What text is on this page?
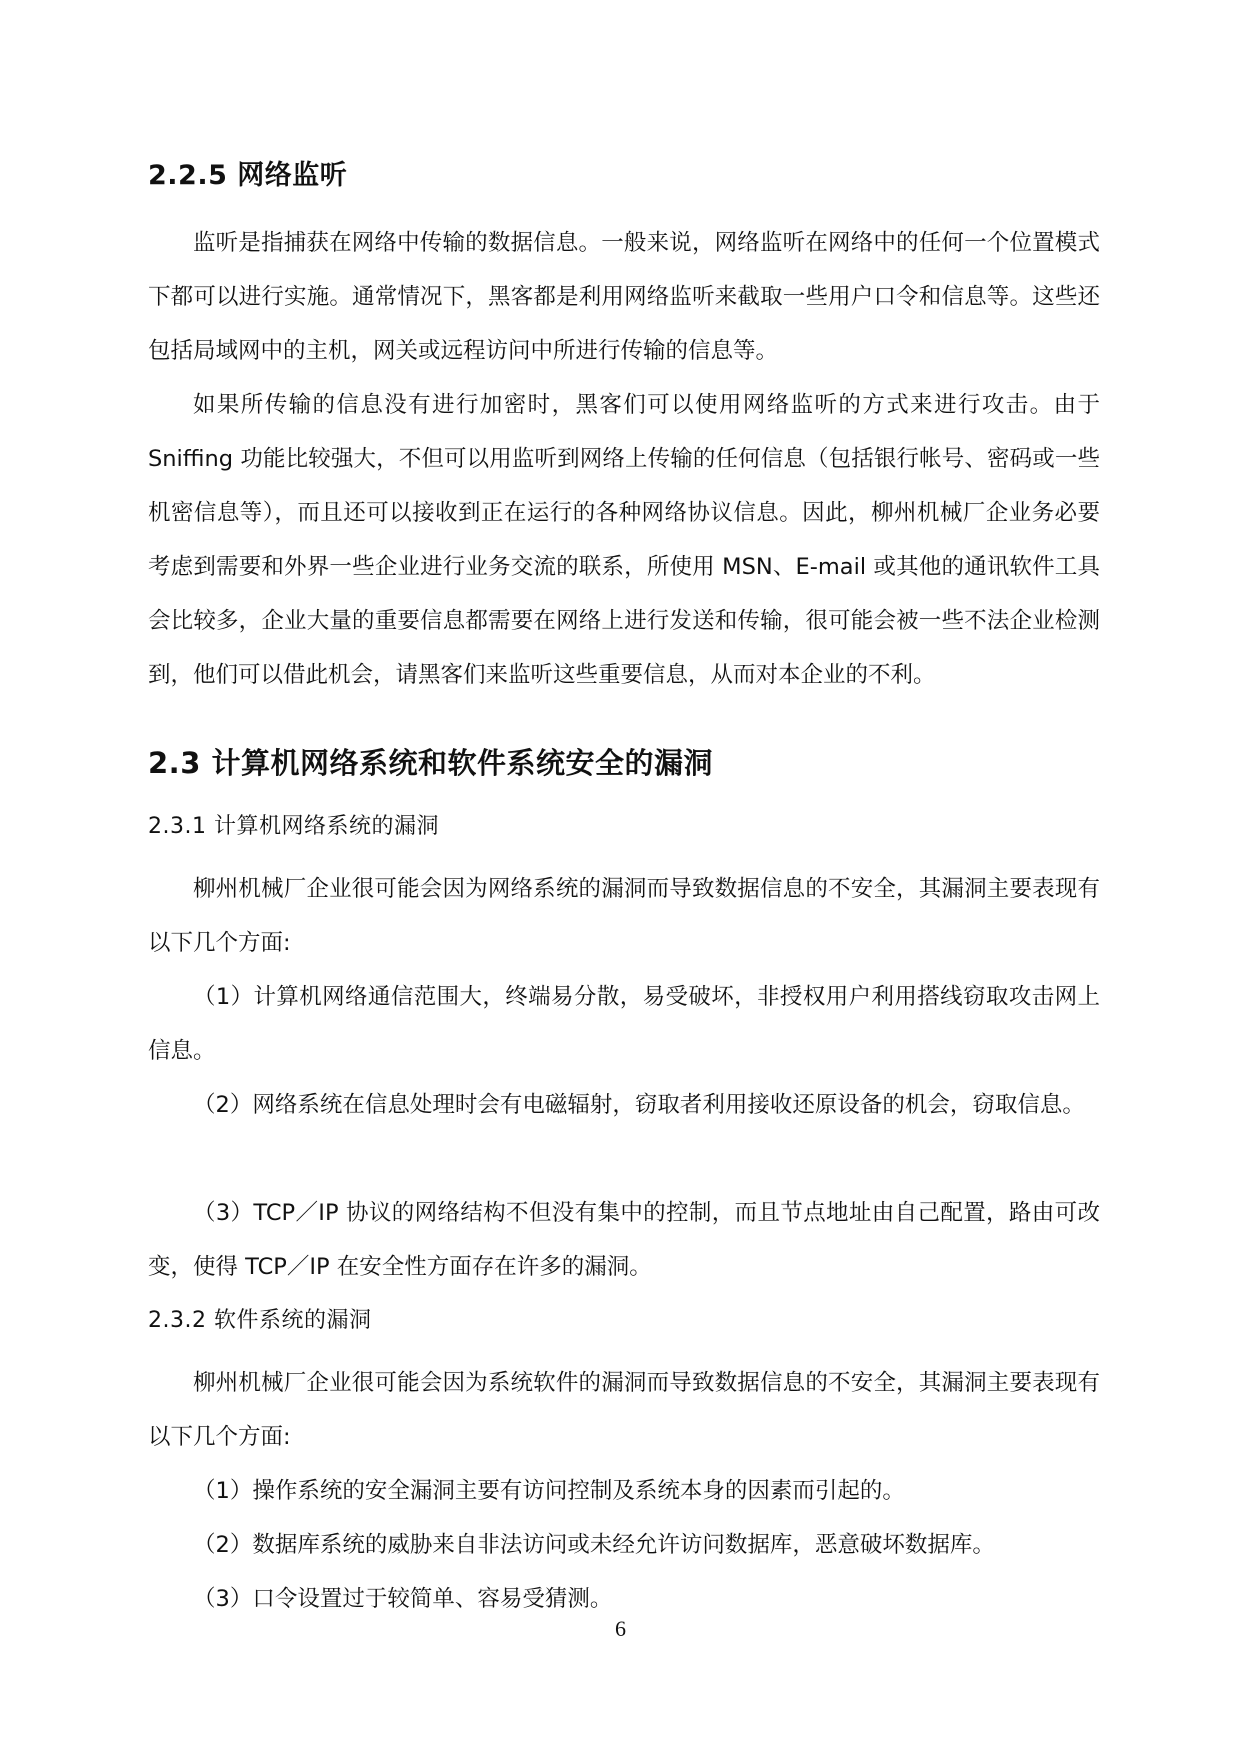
2.2.5 网络监听
监听是指捕获在网络中传输的数据信息。一般来说，网络监听在网络中的任何一个位置模式下都可以进行实施。通常情况下，黑客都是利用网络监听来截取一些用户口令和信息等。这些还包括局域网中的主机，网关或远程访问中所进行传输的信息等。
如果所传输的信息没有进行加密时，黑客们可以使用网络监听的方式来进行攻击。由于 Sniffing 功能比较强大，不但可以用监听到网络上传输的任何信息（包括银行帐号、密码或一些机密信息等），而且还可以接收到正在运行的各种网络协议信息。因此，柳州机械厂企业务必要考虑到需要和外界一些企业进行业务交流的联系，所使用 MSN、E-mail 或其他的通讯软件工具会比较多，企业大量的重要信息都需要在网络上进行发送和传输，很可能会被一些不法企业检测到，他们可以借此机会，请黑客们来监听这些重要信息，从而对本企业的不利。
2.3 计算机网络系统和软件系统安全的漏洞
2.3.1 计算机网络系统的漏洞
柳州机械厂企业很可能会因为网络系统的漏洞而导致数据信息的不安全，其漏洞主要表现有以下几个方面:
（1）计算机网络通信范围大，终端易分散，易受破坏，非授权用户利用搭线窃取攻击网上信息。
（2）网络系统在信息处理时会有电磁辐射，窃取者利用接收还原设备的机会，窃取信息。
（3）TCP／IP 协议的网络结构不但没有集中的控制，而且节点地址由自己配置，路由可改变，使得 TCP／IP 在安全性方面存在许多的漏洞。
2.3.2 软件系统的漏洞
柳州机械厂企业很可能会因为系统软件的漏洞而导致数据信息的不安全，其漏洞主要表现有以下几个方面:
（1）操作系统的安全漏洞主要有访问控制及系统本身的因素而引起的。
（2）数据库系统的威胁来自非法访问或未经允许访问数据库，恶意破坏数据库。
（3）口令设置过于较简单、容易受猜测。
6
